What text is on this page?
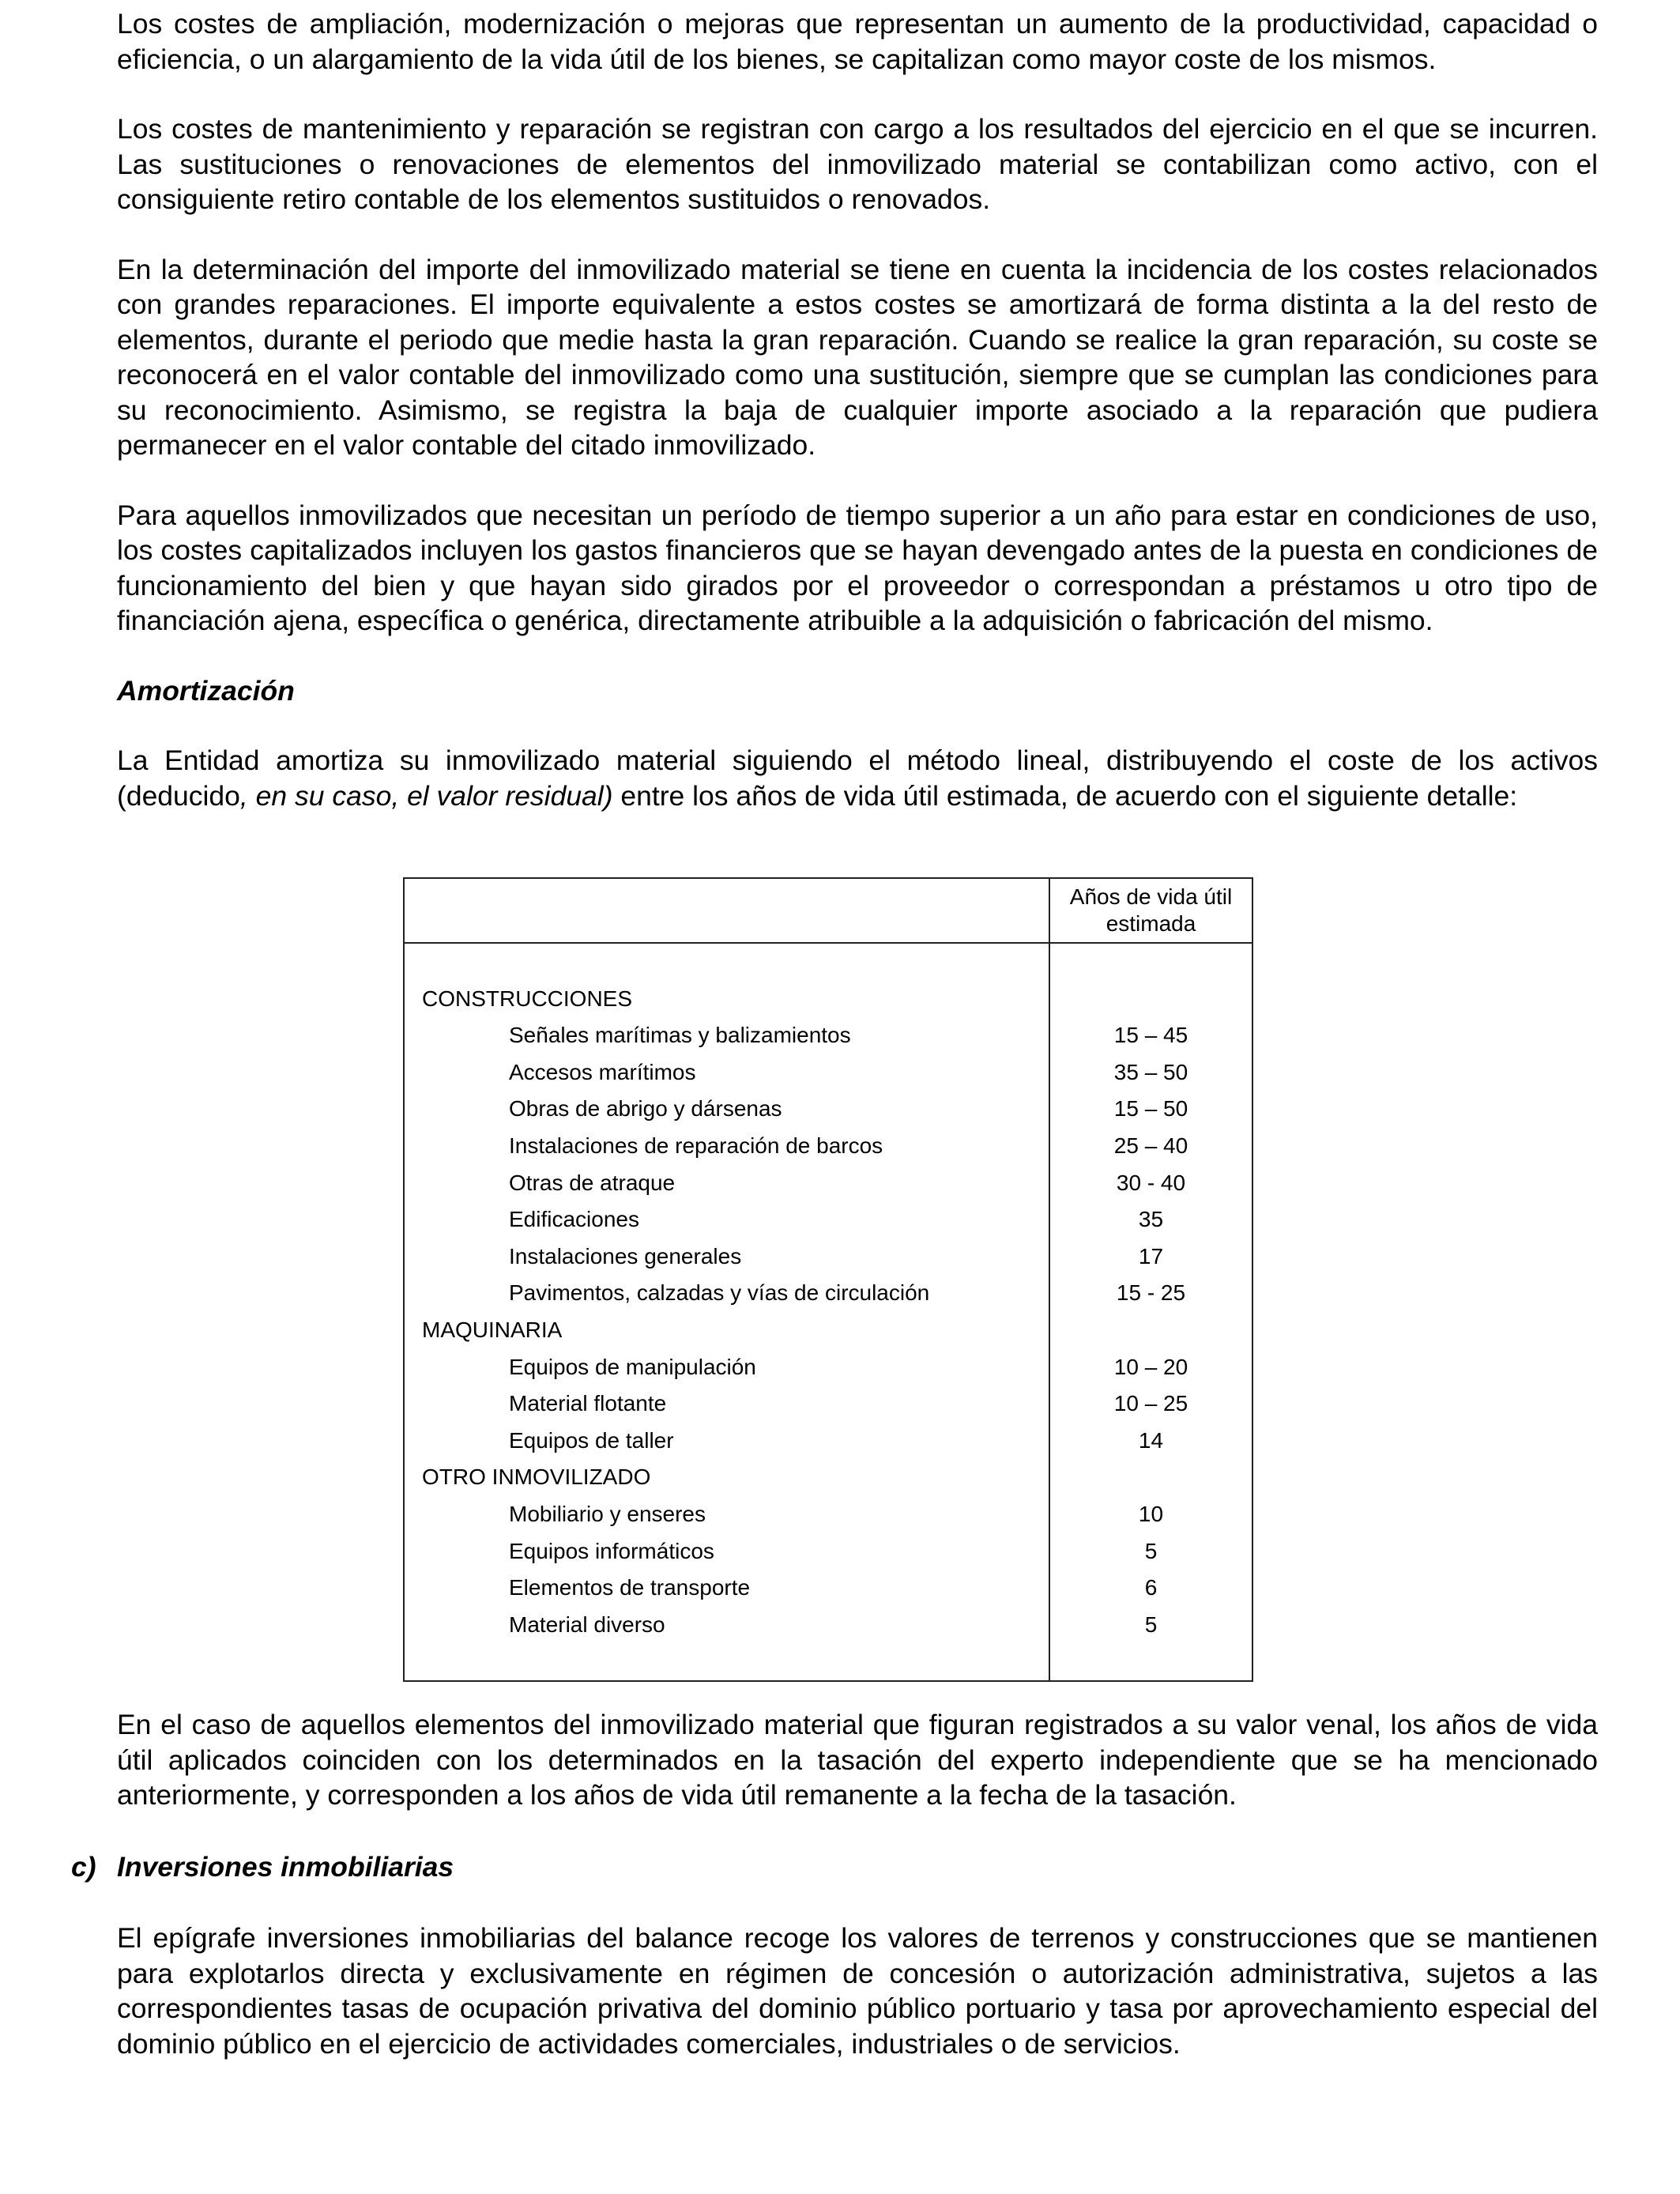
Los costes de ampliación, modernización o mejoras que representan un aumento de la productividad, capacidad o eficiencia, o un alargamiento de la vida útil de los bienes, se capitalizan como mayor coste de los mismos.

Los costes de mantenimiento y reparación se registran con cargo a los resultados del ejercicio en el que se incurren. Las sustituciones o renovaciones de elementos del inmovilizado material se contabilizan como activo, con el consiguiente retiro contable de los elementos sustituidos o renovados.

En la determinación del importe del inmovilizado material se tiene en cuenta la incidencia de los costes relacionados con grandes reparaciones. El importe equivalente a estos costes se amortizará de forma distinta a la del resto de elementos, durante el periodo que medie hasta la gran reparación. Cuando se realice la gran reparación, su coste se reconocerá en el valor contable del inmovilizado como una sustitución, siempre que se cumplan las condiciones para su reconocimiento. Asimismo, se registra la baja de cualquier importe asociado a la reparación que pudiera permanecer en el valor contable del citado inmovilizado.

Para aquellos inmovilizados que necesitan un período de tiempo superior a un año para estar en condiciones de uso, los costes capitalizados incluyen los gastos financieros que se hayan devengado antes de la puesta en condiciones de funcionamiento del bien y que hayan sido girados por el proveedor o correspondan a préstamos u otro tipo de financiación ajena, específica o genérica, directamente atribuible a la adquisición o fabricación del mismo.

Amortización

La Entidad amortiza su inmovilizado material siguiendo el método lineal, distribuyendo el coste de los activos (deducido, en su caso, el valor residual) entre los años de vida útil estimada, de acuerdo con el siguiente detalle:

	Años de vida útil
estimada

CONSTRUCCIONES	
Señales marítimas y balizamientos	15 – 45
Accesos marítimos	35 – 50
Obras de abrigo y dársenas	15 – 50
Instalaciones de reparación de barcos	25 – 40
Otras de atraque	30 - 40
Edificaciones	35
Instalaciones generales	17
Pavimentos, calzadas y vías de circulación	15 - 25
MAQUINARIA	
Equipos de manipulación	10 – 20
Material flotante	10 – 25
Equipos de taller	14
OTRO INMOVILIZADO	
Mobiliario y enseres	10
Equipos informáticos	5
Elementos de transporte	6
Material diverso	5

En el caso de aquellos elementos del inmovilizado material que figuran registrados a su valor venal, los años de vida útil aplicados coinciden con los determinados en la tasación del experto independiente que se ha mencionado anteriormente, y corresponden a los años de vida útil remanente a la fecha de la tasación.

c) Inversiones inmobiliarias

El epígrafe inversiones inmobiliarias del balance recoge los valores de terrenos y construcciones que se mantienen para explotarlos directa y exclusivamente en régimen de concesión o autorización administrativa, sujetos a las correspondientes tasas de ocupación privativa del dominio público portuario y tasa por aprovechamiento especial del dominio público en el ejercicio de actividades comerciales, industriales o de servicios.
